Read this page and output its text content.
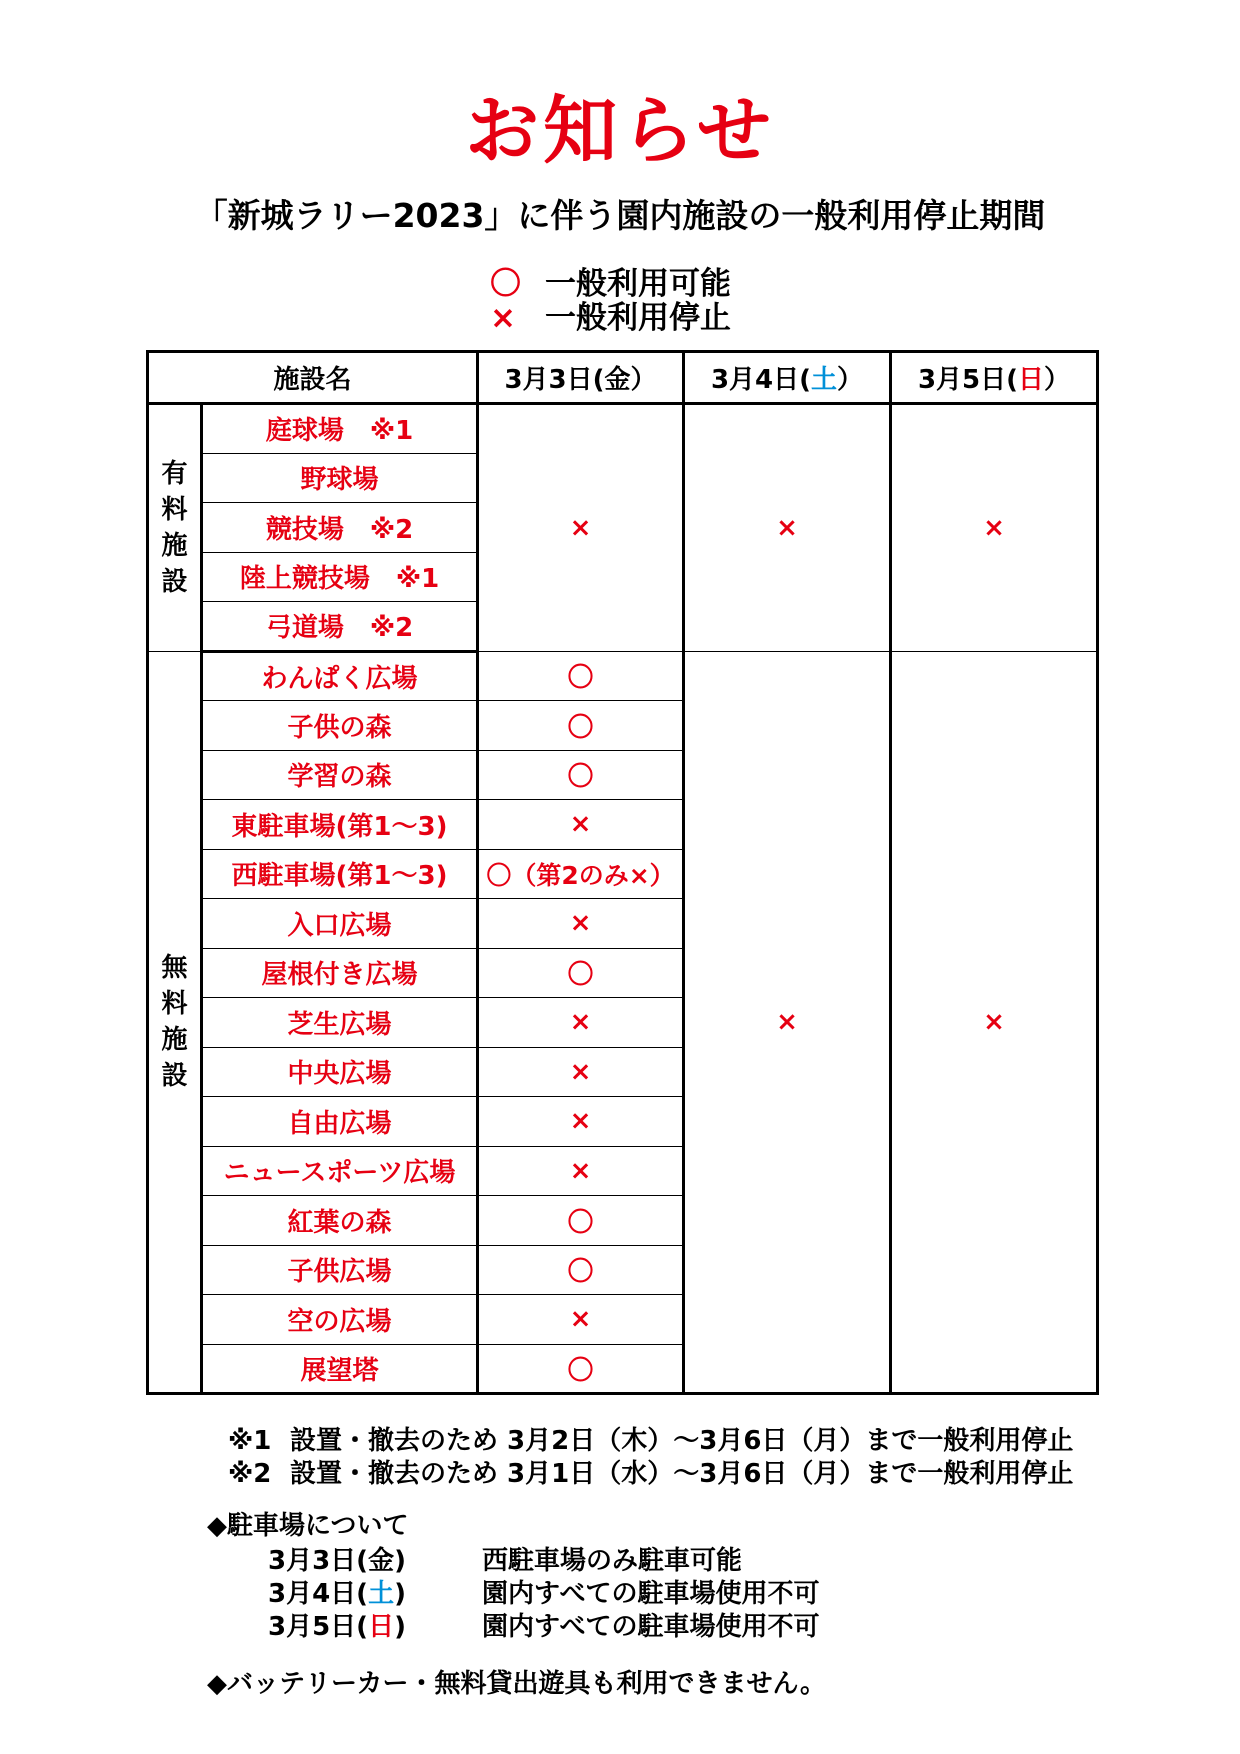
お知らせ
「新城ラリー2023」に伴う園内施設の一般利用停止期間
〇 一般利用可能
× 一般利用停止
施設名		3月3日(金）	3月4日(土）	3月5日(日）

有
料
施
設	庭球場　※1	×	×	×
	野球場			
	競技場　※2			
	陸上競技場　※1			
	弓道場　※2			

無
料
施
設	わんぱく広場	〇	×	×
	子供の森	〇		
	学習の森	〇		
	東駐車場(第1～3)	×		
	西駐車場(第1～3)	〇（第2のみ×）		
	入口広場	×		
	屋根付き広場	〇		
	芝生広場	×		
	中央広場	×		
	自由広場	×		
	ニュースポーツ広場	×		
	紅葉の森	〇		
	子供広場	〇		
	空の広場	×		
	展望塔	〇		
※1 設置・撤去のため 3月2日（木）～3月6日（月）まで一般利用停止
※2 設置・撤去のため 3月1日（水）～3月6日（月）まで一般利用停止
◆駐車場について
3月3日(金)	西駐車場のみ駐車可能
3月4日(土)	園内すべての駐車場使用不可
3月5日(日)	園内すべての駐車場使用不可
◆バッテリーカー・無料貸出遊具も利用できません。
